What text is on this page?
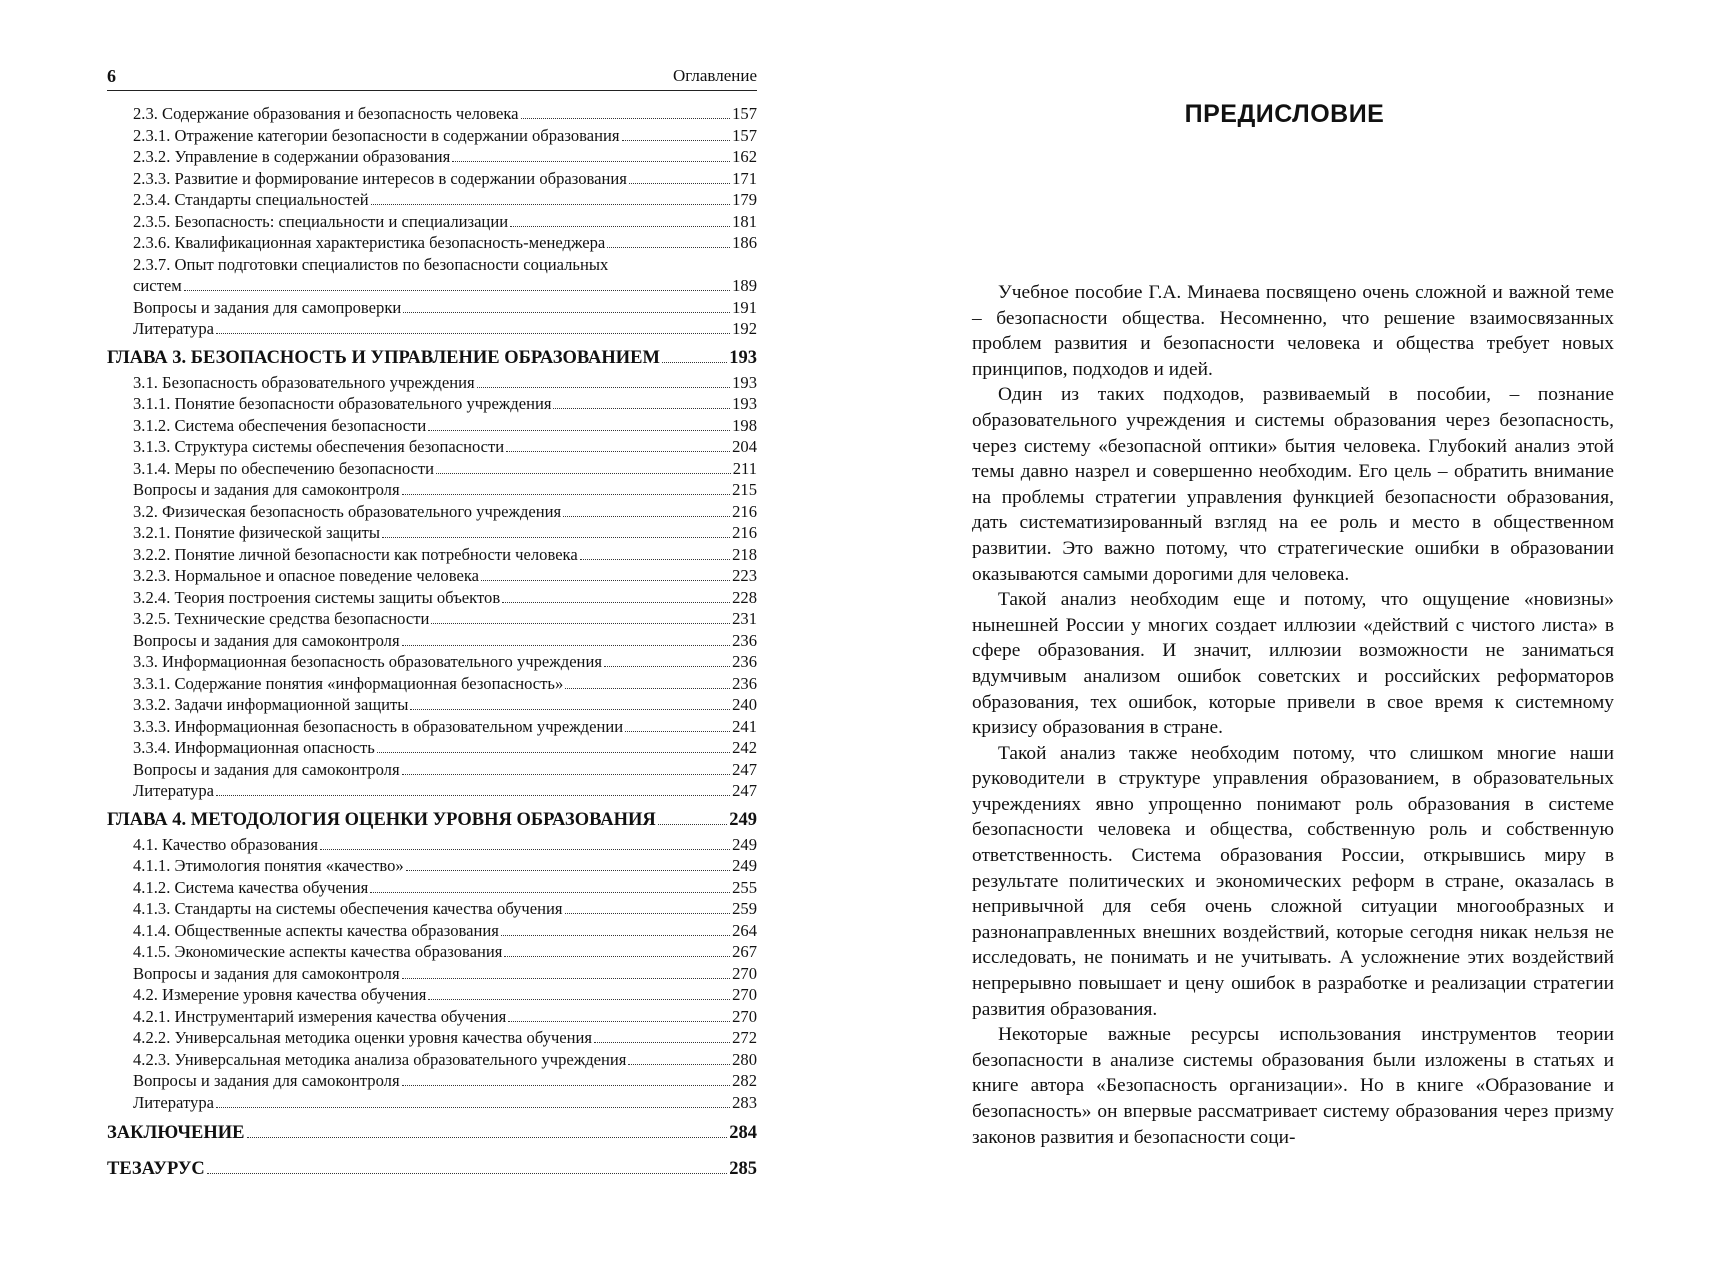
6	Оглавление
2.3. Содержание образования и безопасность человека	157
2.3.1. Отражение категории безопасности в содержании образования	157
2.3.2. Управление в содержании образования	162
2.3.3. Развитие и формирование интересов в содержании образования	171
2.3.4. Стандарты специальностей	179
2.3.5. Безопасность: специальности и специализации	181
2.3.6. Квалификационная характеристика безопасность-менеджера	186
2.3.7. Опыт подготовки специалистов по безопасности социальных
систем	189
Вопросы и задания для самопроверки	191
Литература	192
ГЛАВА 3. БЕЗОПАСНОСТЬ И УПРАВЛЕНИЕ ОБРАЗОВАНИЕМ	193
3.1. Безопасность образовательного учреждения	193
3.1.1. Понятие безопасности образовательного учреждения	193
3.1.2. Система обеспечения безопасности	198
3.1.3. Структура системы обеспечения безопасности	204
3.1.4. Меры по обеспечению безопасности	211
Вопросы и задания для самоконтроля	215
3.2. Физическая безопасность образовательного учреждения	216
3.2.1. Понятие физической защиты	216
3.2.2. Понятие личной безопасности как потребности человека	218
3.2.3. Нормальное и опасное поведение человека	223
3.2.4. Теория построения системы защиты объектов	228
3.2.5. Технические средства безопасности	231
Вопросы и задания для самоконтроля	236
3.3. Информационная безопасность образовательного учреждения	236
3.3.1. Содержание понятия «информационная безопасность»	236
3.3.2. Задачи информационной защиты	240
3.3.3. Информационная безопасность в образовательном учреждении	241
3.3.4. Информационная опасность	242
Вопросы и задания для самоконтроля	247
Литература	247
ГЛАВА 4. МЕТОДОЛОГИЯ ОЦЕНКИ УРОВНЯ ОБРАЗОВАНИЯ	249
4.1. Качество образования	249
4.1.1. Этимология понятия «качество»	249
4.1.2. Система качества обучения	255
4.1.3. Стандарты на системы обеспечения качества обучения	259
4.1.4. Общественные аспекты качества образования	264
4.1.5. Экономические аспекты качества образования	267
Вопросы и задания для самоконтроля	270
4.2. Измерение уровня качества обучения	270
4.2.1. Инструментарий измерения качества обучения	270
4.2.2. Универсальная методика оценки уровня качества обучения	272
4.2.3. Универсальная методика анализа образовательного учреждения	280
Вопросы и задания для самоконтроля	282
Литература	283
ЗАКЛЮЧЕНИЕ	284
ТЕЗАУРУС	285
ПРЕДИСЛОВИЕ

Учебное пособие Г.А. Минаева посвящено очень сложной и важной теме – безопасности общества. Несомненно, что решение взаимосвязанных проблем развития и безопасности человека и общества требует новых принципов, подходов и идей.

Один из таких подходов, развиваемый в пособии, – познание образовательного учреждения и системы образования через безопасность, через систему «безопасной оптики» бытия человека. Глубокий анализ этой темы давно назрел и совершенно необходим. Его цель – обратить внимание на проблемы стратегии управления функцией безопасности образования, дать систематизированный взгляд на ее роль и место в общественном развитии. Это важно потому, что стратегические ошибки в образовании оказываются самыми дорогими для человека.

Такой анализ необходим еще и потому, что ощущение «новизны» нынешней России у многих создает иллюзии «действий с чистого листа» в сфере образования. И значит, иллюзии возможности не заниматься вдумчивым анализом ошибок советских и российских реформаторов образования, тех ошибок, которые привели в свое время к системному кризису образования в стране.

Такой анализ также необходим потому, что слишком многие наши руководители в структуре управления образованием, в образовательных учреждениях явно упрощенно понимают роль образования в системе безопасности человека и общества, собственную роль и собственную ответственность. Система образования России, открывшись миру в результате политических и экономических реформ в стране, оказалась в непривычной для себя очень сложной ситуации многообразных и разнонаправленных внешних воздействий, которые сегодня никак нельзя не исследовать, не понимать и не учитывать. А усложнение этих воздействий непрерывно повышает и цену ошибок в разработке и реализации стратегии развития образования.

Некоторые важные ресурсы использования инструментов теории безопасности в анализе системы образования были изложены в статьях и книге автора «Безопасность организации». Но в книге «Образование и безопасность» он впервые рассматривает систему образования через призму законов развития и безопасности соци-
